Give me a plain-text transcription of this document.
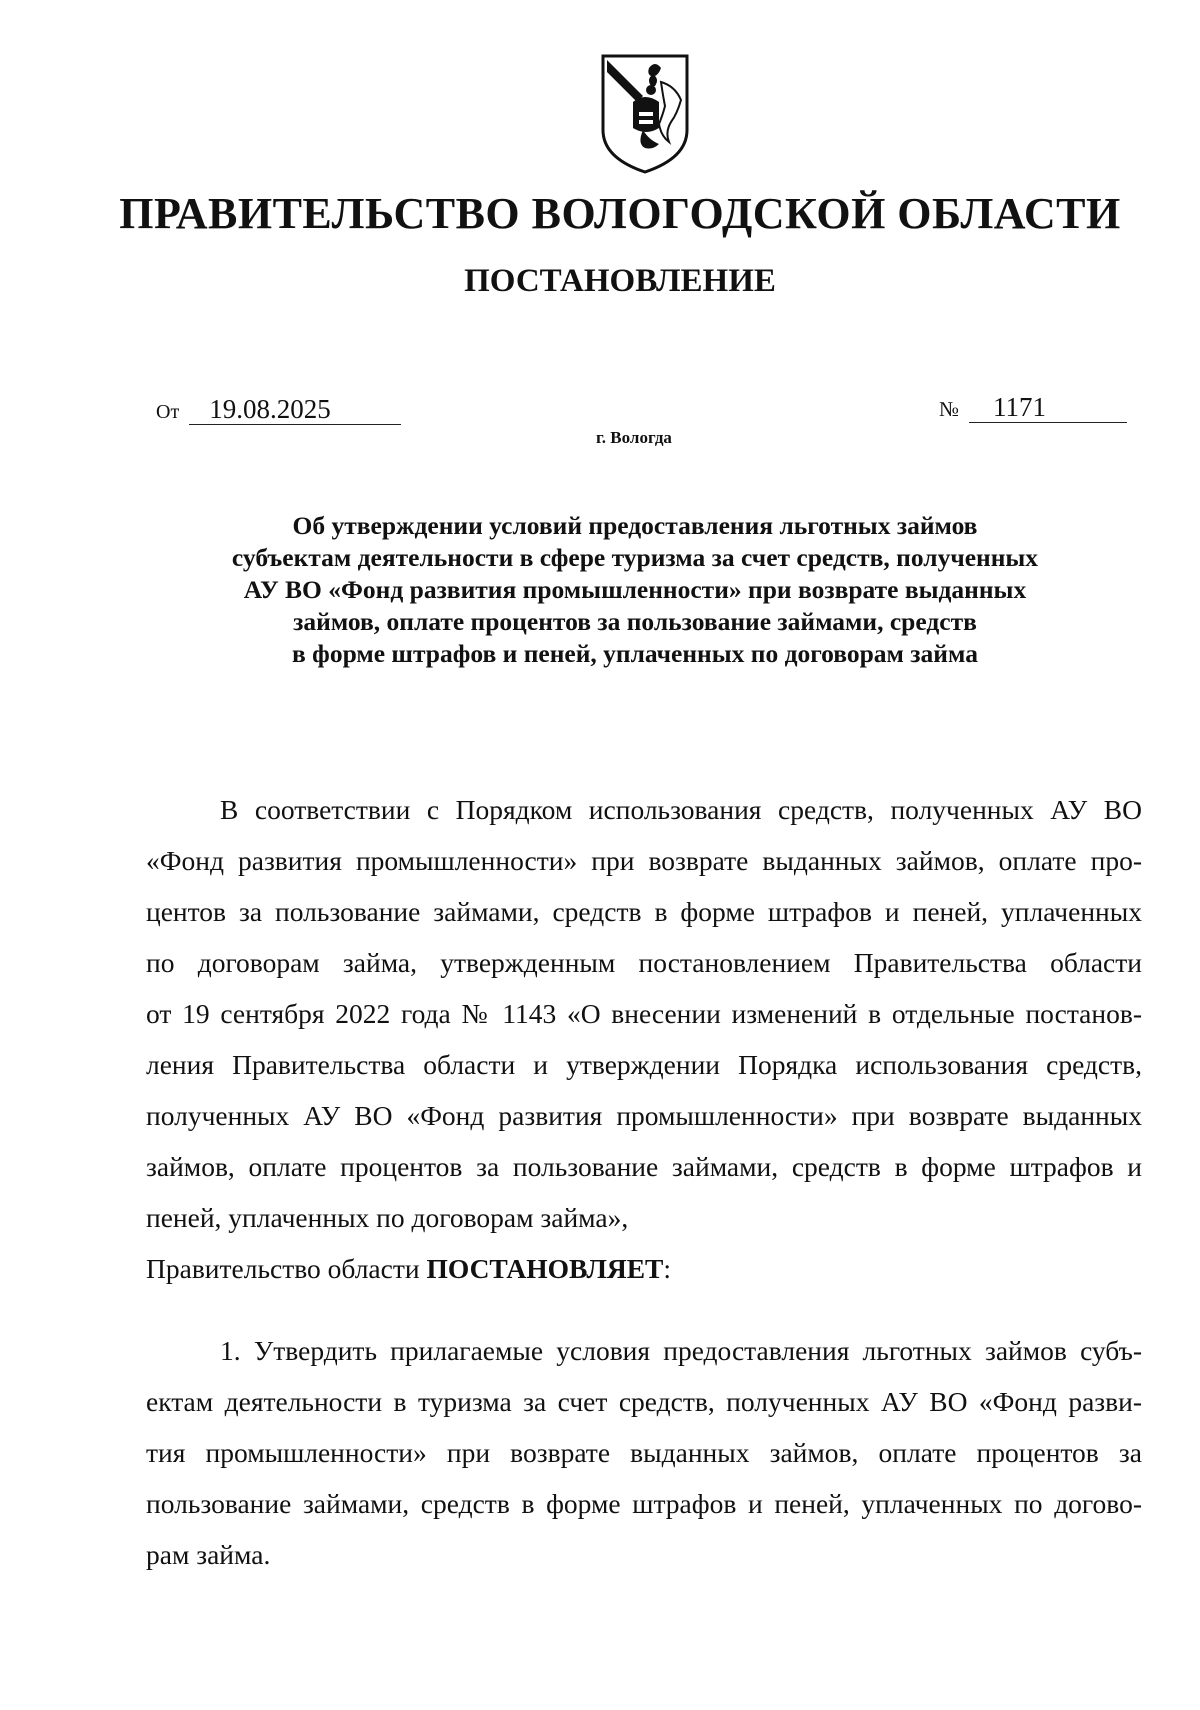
ПРАВИТЕЛЬСТВО ВОЛОГОДСКОЙ ОБЛАСТИ
ПОСТАНОВЛЕНИЕ
От 19.08.2025	№ 1171
г. Вологда
Об утверждении условий предоставления льготных займов
субъектам деятельности в сфере туризма за счет средств, полученных
АУ ВО «Фонд развития промышленности» при возврате выданных
займов, оплате процентов за пользование займами, средств
в форме штрафов и пеней, уплаченных по договорам займа
В соответствии с Порядком использования средств, полученных АУ ВО
«Фонд развития промышленности» при возврате выданных займов, оплате про-
центов за пользование займами, средств в форме штрафов и пеней, уплаченных
по договорам займа, утвержденным постановлением Правительства области
от 19 сентября 2022 года № 1143 «О внесении изменений в отдельные постанов-
ления Правительства области и утверждении Порядка использования средств,
полученных АУ ВО «Фонд развития промышленности» при возврате выданных
займов, оплате процентов за пользование займами, средств в форме штрафов и
пеней, уплаченных по договорам займа»,
Правительство области ПОСТАНОВЛЯЕТ:
1. Утвердить прилагаемые условия предоставления льготных займов субъ-
ектам деятельности в туризма за счет средств, полученных АУ ВО «Фонд разви-
тия промышленности» при возврате выданных займов, оплате процентов за
пользование займами, средств в форме штрафов и пеней, уплаченных по догово-
рам займа.
